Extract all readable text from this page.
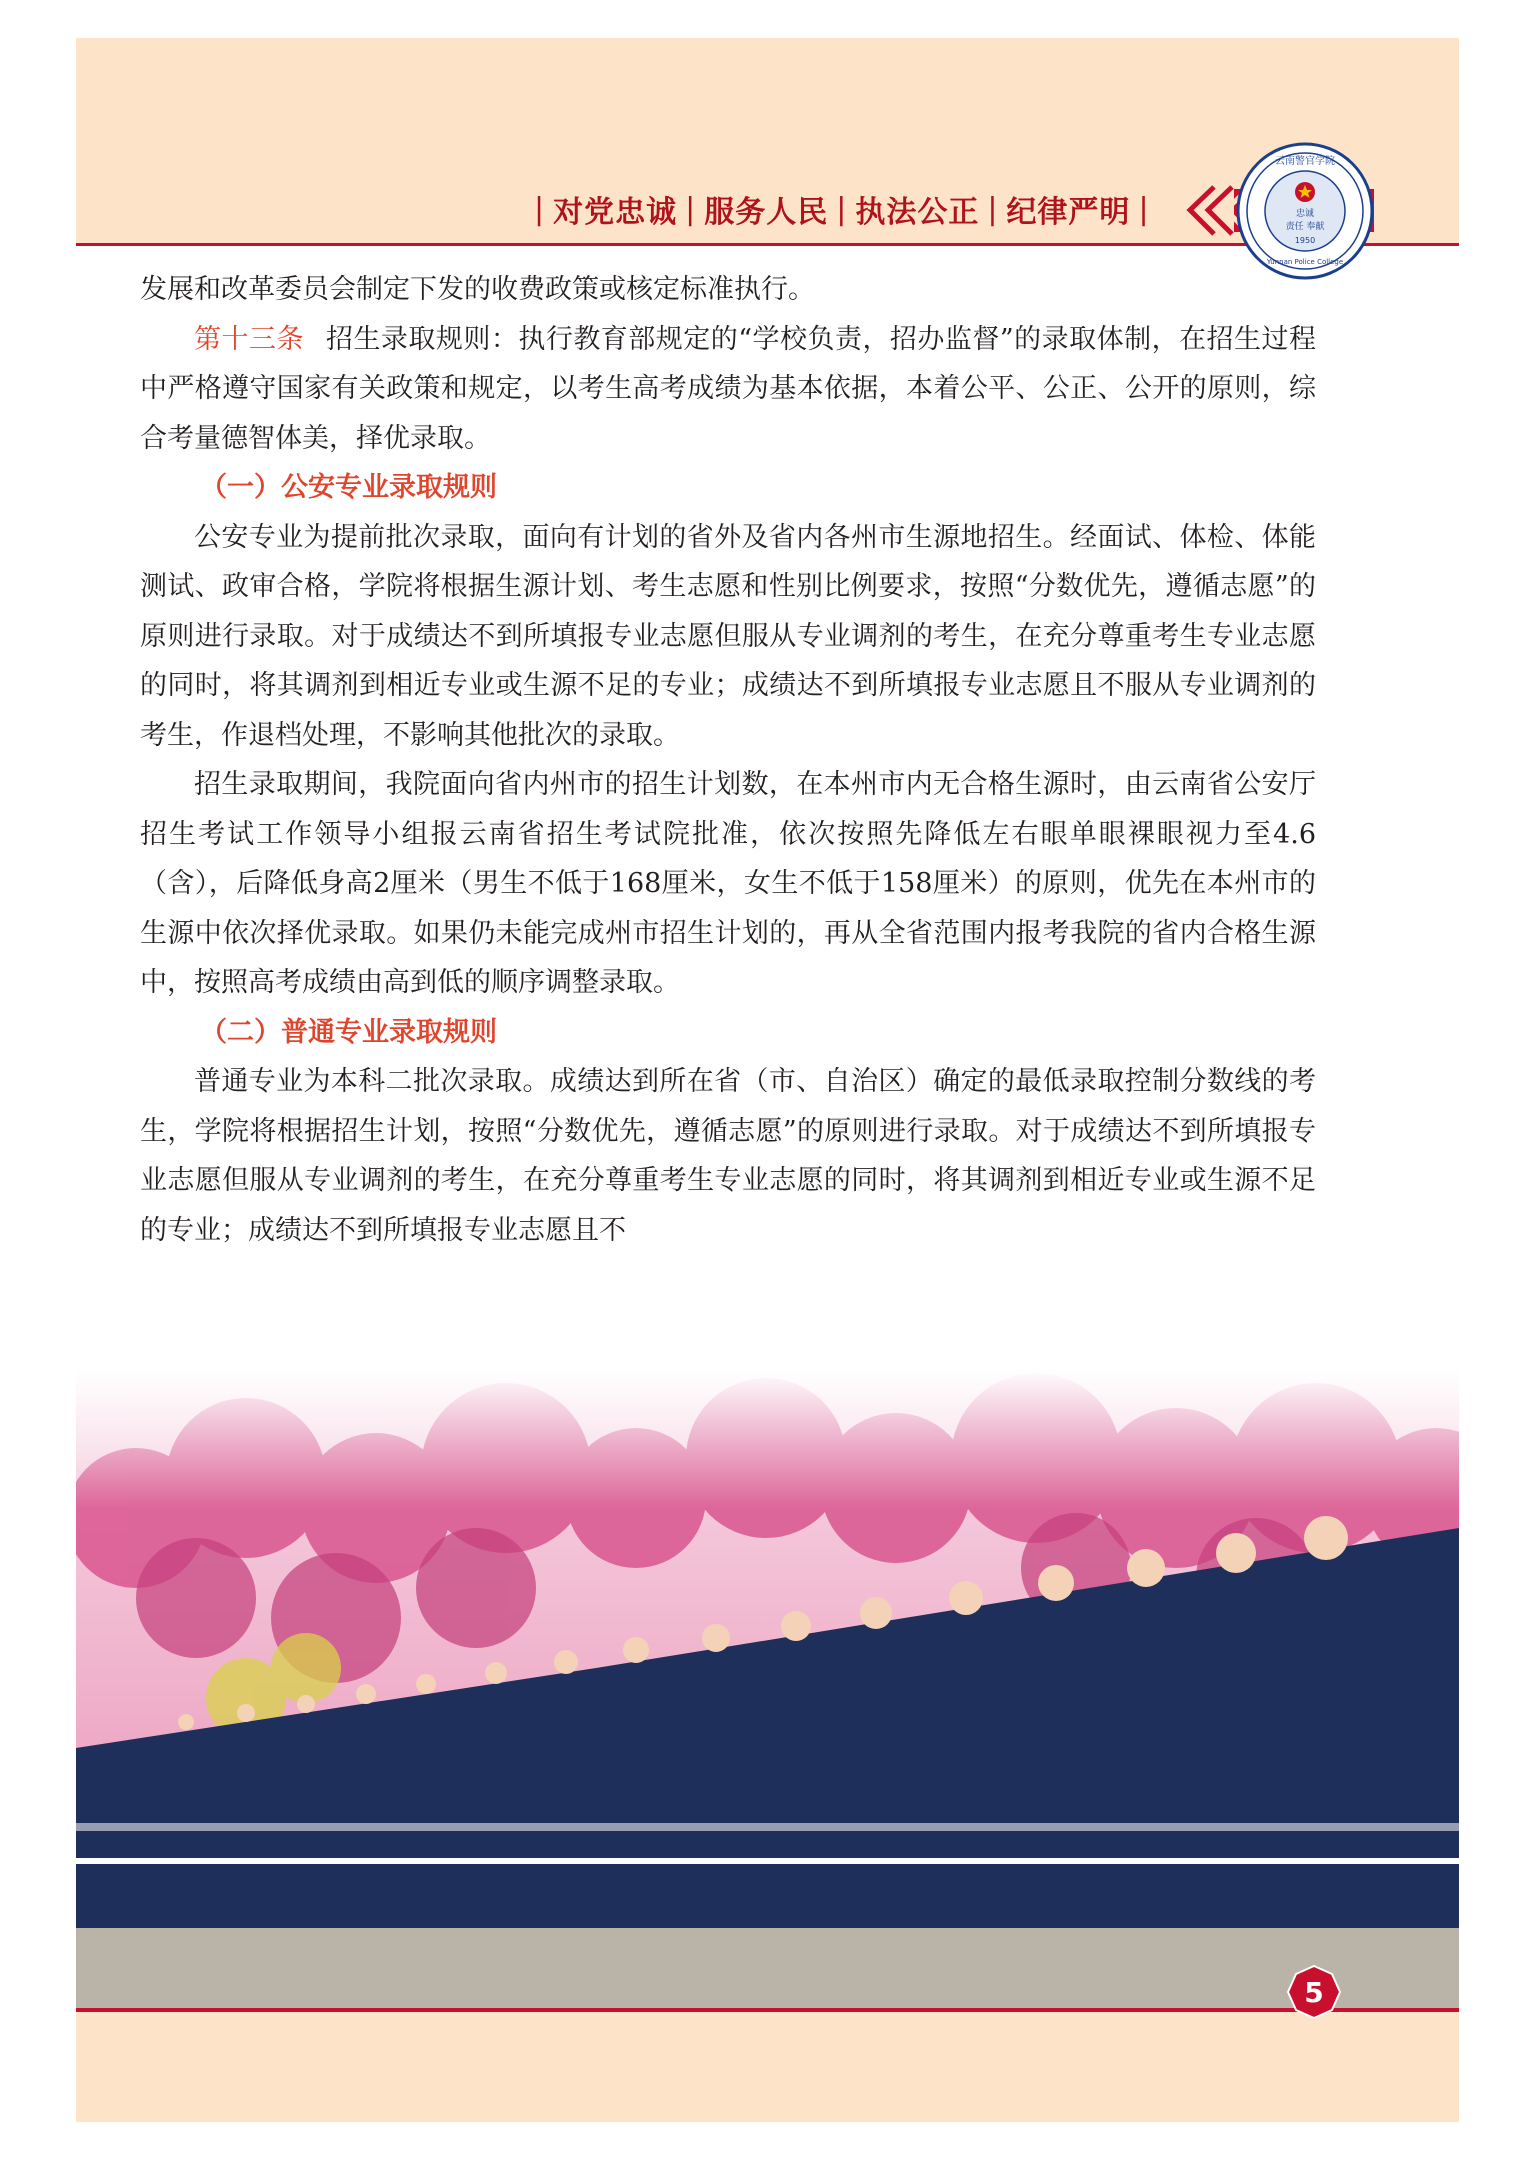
| 对党忠诚 | 服务人民 | 执法公正 | 纪律严明 |
云南警官学院
忠诚
责任 奉献
1950
Yunnan Police College

发展和改革委员会制定下发的收费政策或核定标准执行。

第十三条 招生录取规则：执行教育部规定的“学校负责，招办监督”的录取体制，在招生过程中严格遵守国家有关政策和规定，以考生高考成绩为基本依据，本着公平、公正、公开的原则，综合考量德智体美，择优录取。

（一）公安专业录取规则

公安专业为提前批次录取，面向有计划的省外及省内各州市生源地招生。经面试、体检、体能测试、政审合格，学院将根据生源计划、考生志愿和性别比例要求，按照“分数优先，遵循志愿”的原则进行录取。对于成绩达不到所填报专业志愿但服从专业调剂的考生，在充分尊重考生专业志愿的同时，将其调剂到相近专业或生源不足的专业；成绩达不到所填报专业志愿且不服从专业调剂的考生，作退档处理，不影响其他批次的录取。

招生录取期间，我院面向省内州市的招生计划数，在本州市内无合格生源时，由云南省公安厅招生考试工作领导小组报云南省招生考试院批准，依次按照先降低左右眼单眼裸眼视力至4.6（含），后降低身高2厘米（男生不低于168厘米，女生不低于158厘米）的原则，优先在本州市的生源中依次择优录取。如果仍未能完成州市招生计划的，再从全省范围内报考我院的省内合格生源中，按照高考成绩由高到低的顺序调整录取。

（二）普通专业录取规则

普通专业为本科二批次录取。成绩达到所在省（市、自治区）确定的最低录取控制分数线的考生，学院将根据招生计划，按照“分数优先，遵循志愿”的原则进行录取。对于成绩达不到所填报专业志愿但服从专业调剂的考生，在充分尊重考生专业志愿的同时，将其调剂到相近专业或生源不足的专业；成绩达不到所填报专业志愿且不

5
